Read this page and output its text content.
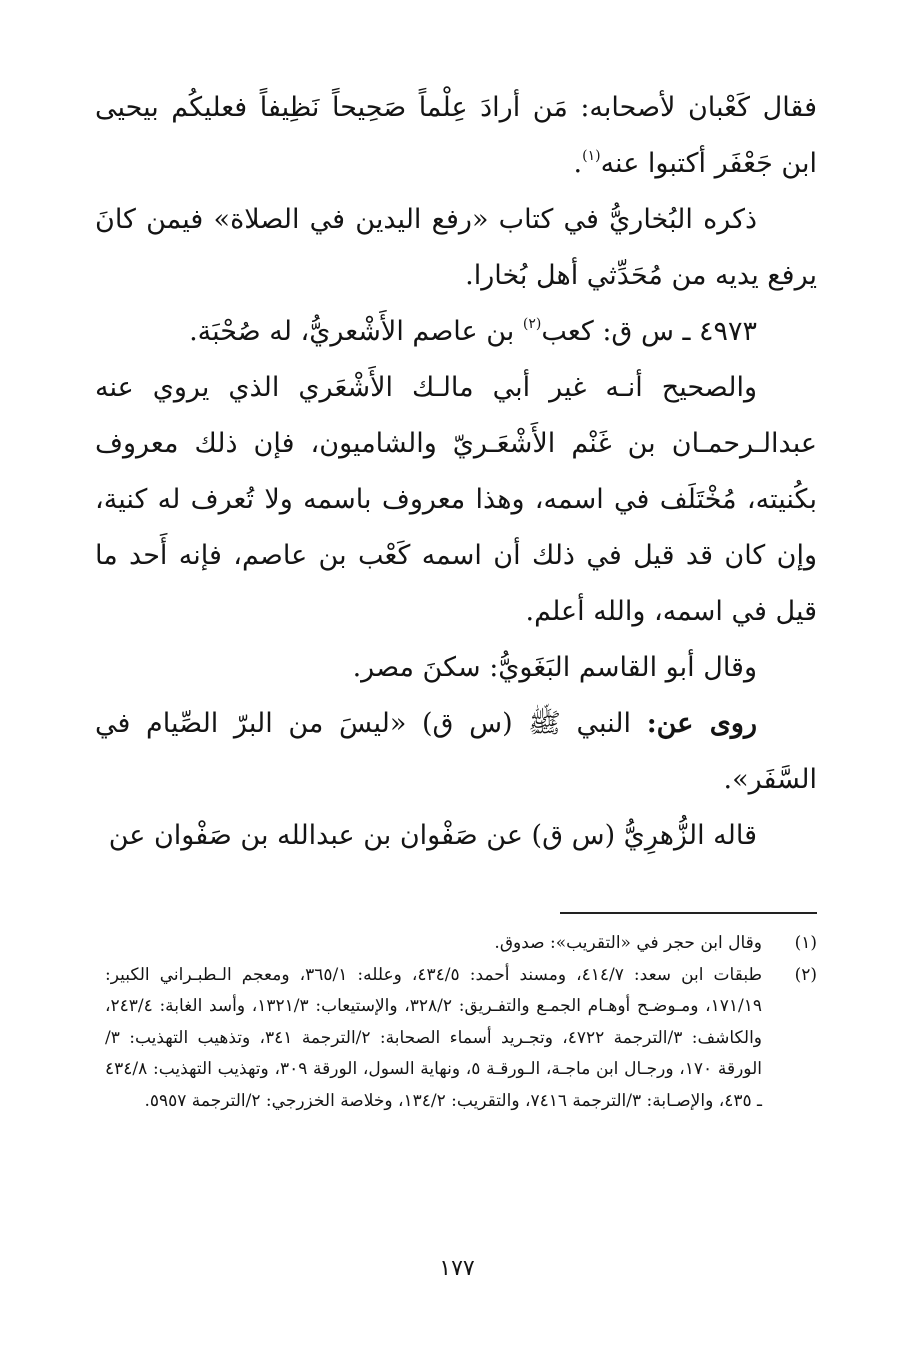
فقال كَعْبان لأصحابه: مَن أرادَ عِلْماً صَحِيحاً نَظِيفاً فعليكُم بيحيى ابن جَعْفَر أكتبوا عنه$^{(١)}$.

ذكره البُخاريُّ في كتاب «رفع اليدين في الصلاة» فيمن كانَ يرفع يديه من مُحَدِّثي أهل بُخارا.

٤٩٧٣ ـ س ق: كعب$^{(٢)}$ بن عاصم الأَشْعريُّ، له صُحْبَة.

والصحيح أنـه غير أبي مالـك الأَشْعَري الذي يروي عنه عبدالـرحمـان بن غَنْم الأَشْعَـريّ والشاميون، فإن ذلك معروف بكُنيته، مُخْتَلَف في اسمه، وهذا معروف باسمه ولا تُعرف له كنية، وإن كان قد قيل في ذلك أن اسمه كَعْب بن عاصم، فإنه أَحد ما قيل في اسمه، والله أعلم.

وقال أبو القاسم البَغَويُّ: سكنَ مصر.

روى عن: النبي ﷺ (س ق) «ليسَ من البرّ الصِّيام في السَّفَر».

قاله الزُّهرِيُّ (س ق) عن صَفْوان بن عبدالله بن صَفْوان عن

(١)
وقال ابن حجر في «التقريب»: صدوق.
(٢)
طبقات ابن سعد: ٤١٤/٧، ومسند أحمد: ٤٣٤/٥، وعلله: ٣٦٥/١، ومعجم الـطبـراني الكبير: ١٧١/١٩، ومـوضـح أوهـام الجمـع والتفـريق: ٣٢٨/٢، والإستيعاب: ١٣٢١/٣، وأسد الغابة: ٢٤٣/٤، والكاشف: ٣/الترجمة ٤٧٢٢، وتجـريد أسماء الصحابة: ٢/الترجمة ٣٤١، وتذهيب التهذيب: ٣/الورقة ١٧٠، ورجـال ابن ماجـة، الـورقـة ٥، ونهاية السول، الورقة ٣٠٩، وتهذيب التهذيب: ٤٣٤/٨ ـ ٤٣٥، والإصـابة: ٣/الترجمة ٧٤١٦، والتقريب: ١٣٤/٢، وخلاصة الخزرجي: ٢/الترجمة ٥٩٥٧.
١٧٧
